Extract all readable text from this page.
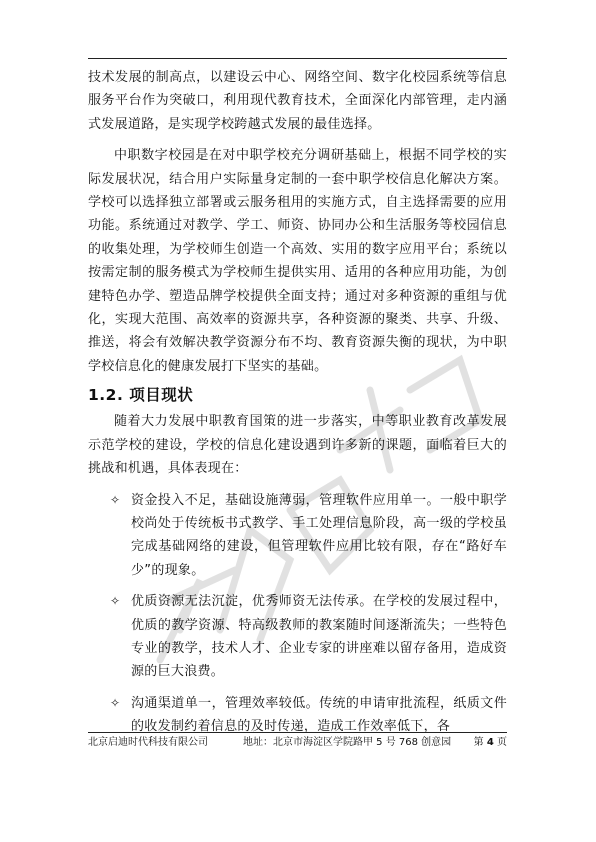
技术发展的制高点，以建设云中心、网络空间、数字化校园系统等信息服务平台作为突破口，利用现代教育技术，全面深化内部管理，走内涵式发展道路，是实现学校跨越式发展的最佳选择。

中职数字校园是在对中职学校充分调研基础上，根据不同学校的实际发展状况，结合用户实际量身定制的一套中职学校信息化解决方案。学校可以选择独立部署或云服务租用的实施方式，自主选择需要的应用功能。系统通过对教学、学工、师资、协同办公和生活服务等校园信息的收集处理，为学校师生创造一个高效、实用的数字应用平台；系统以按需定制的服务模式为学校师生提供实用、适用的各种应用功能，为创建特色办学、塑造品牌学校提供全面支持；通过对多种资源的重组与优化，实现大范围、高效率的资源共享，各种资源的聚类、共享、升级、推送，将会有效解决教学资源分布不均、教育资源失衡的现状，为中职学校信息化的健康发展打下坚实的基础。

1.2. 项目现状

随着大力发展中职教育国策的进一步落实，中等职业教育改革发展示范学校的建设，学校的信息化建设遇到许多新的课题，面临着巨大的挑战和机遇，具体表现在：

✧ 资金投入不足，基础设施薄弱，管理软件应用单一。一般中职学校尚处于传统板书式教学、手工处理信息阶段，高一级的学校虽完成基础网络的建设，但管理软件应用比较有限，存在“路好车少”的现象。
✧ 优质资源无法沉淀，优秀师资无法传承。在学校的发展过程中，优质的教学资源、特高级教师的教案随时间逐渐流失；一些特色专业的教学，技术人才、企业专家的讲座难以留存备用，造成资源的巨大浪费。
✧ 沟通渠道单一，管理效率较低。传统的申请审批流程，纸质文件的收发制约着信息的及时传递，造成工作效率低下，各
北京启迪时代科技有限公司	地址：北京市海淀区学院路甲 5 号 768 创意园 第 4 页
